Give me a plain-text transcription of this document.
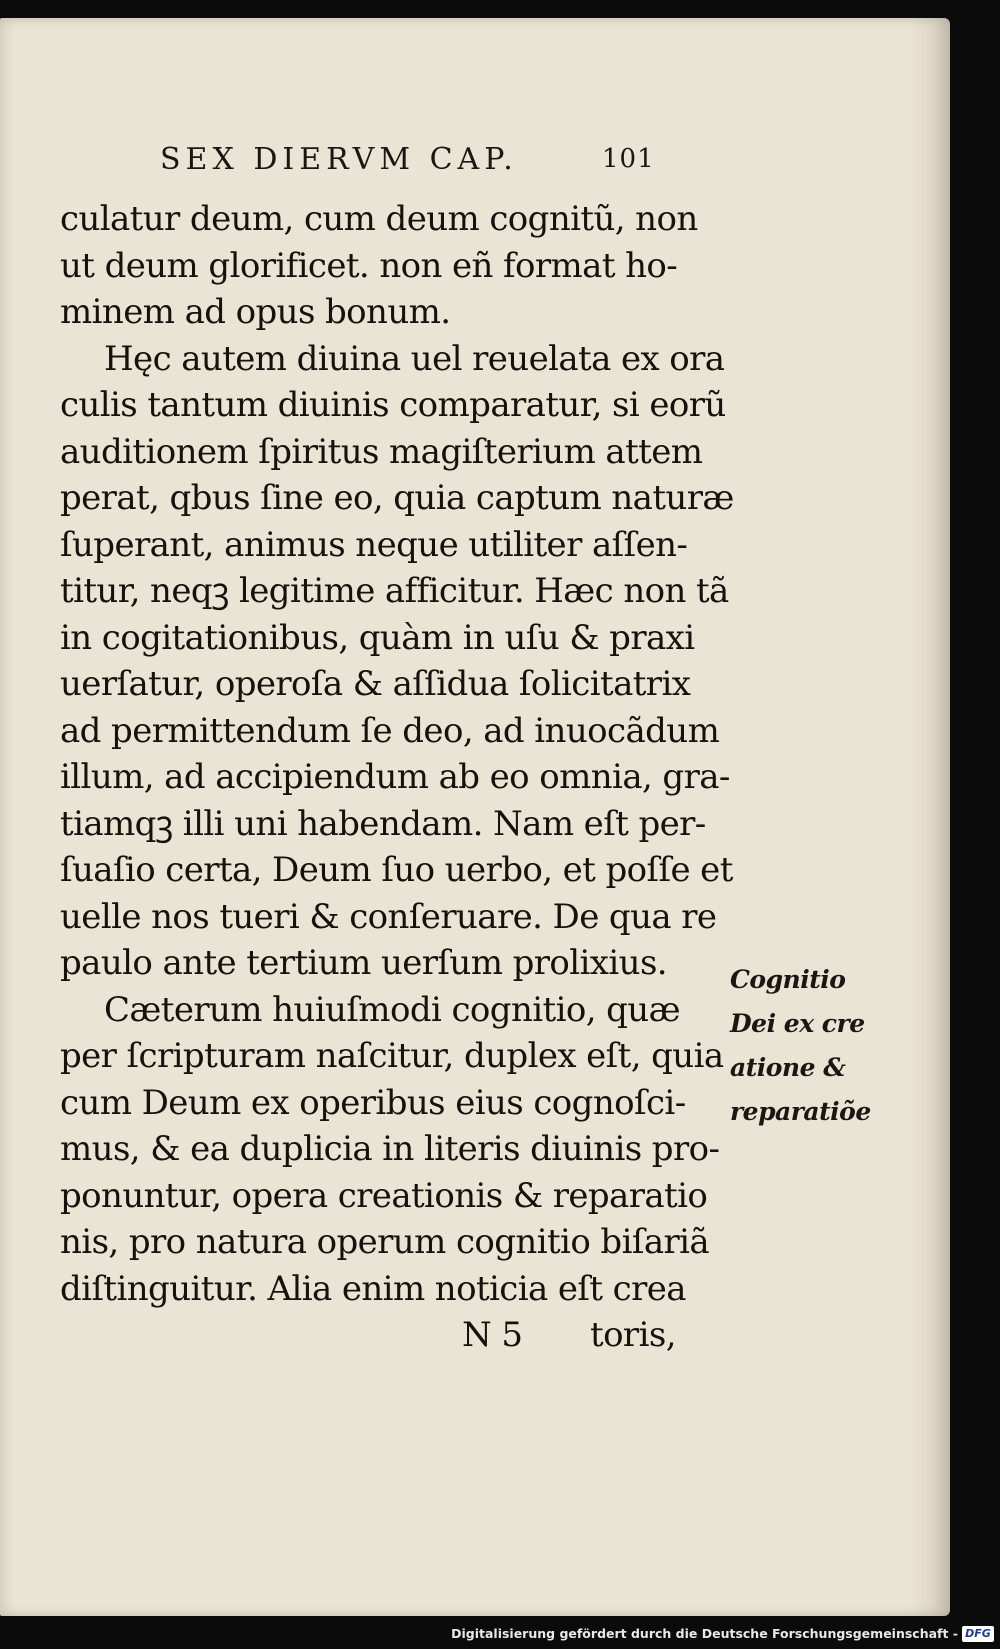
SEX DIERVM CAP.	101
culatur deum, cum deum cognitũ, non
ut deum glorificet. non eñ format ho-
minem ad opus bonum.
Hęc autem diuina uel reuelata ex ora
culis tantum diuinis comparatur, si eorũ
auditionem ſpiritus magiſterium attem
perat, qbus ſine eo, quia captum naturæ
ſuperant, animus neque utiliter aſſen-
titur, neqꝫ legitime afficitur. Hæc non tã
in cogitationibus, quàm in uſu & praxi
uerſatur, operoſa & aſſidua ſolicitatrix
ad permittendum ſe deo, ad inuocãdum
illum, ad accipiendum ab eo omnia, gra-
tiamqꝫ illi uni habendam. Nam eſt per-
ſuaſio certa, Deum ſuo uerbo, et poſſe et
uelle nos tueri & conſeruare. De qua re
paulo ante tertium uerſum prolixius.
Cæterum huiuſmodi cognitio, quæ
per ſcripturam naſcitur, duplex eſt, quia
cum Deum ex operibus eius cognoſci-
mus, & ea duplicia in literis diuinis pro-
ponuntur, opera creationis & reparatio
nis, pro natura operum cognitio biſariã
diſtinguitur. Alia enim noticia eſt crea
N 5 toris,
Cognitio
Dei ex cre
atione &
reparatiõe
Digitalisierung gefördert durch die Deutsche Forschungsgemeinschaft - DFG
